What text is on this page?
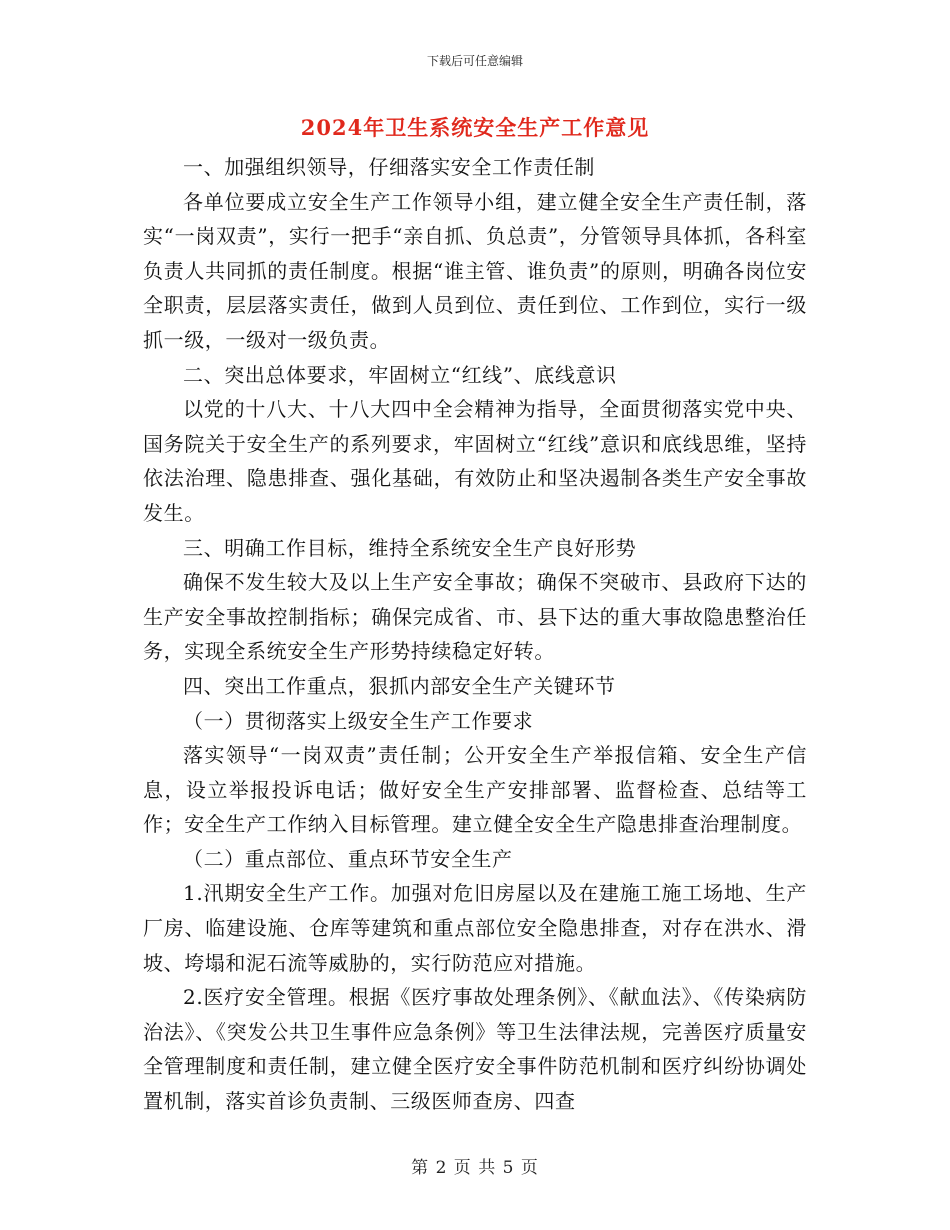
下载后可任意编辑
2024年卫生系统安全生产工作意见

一、加强组织领导，仔细落实安全工作责任制

各单位要成立安全生产工作领导小组，建立健全安全生产责任制，落实“一岗双责”，实行一把手“亲自抓、负总责”，分管领导具体抓，各科室负责人共同抓的责任制度。根据“谁主管、谁负责”的原则，明确各岗位安全职责，层层落实责任，做到人员到位、责任到位、工作到位，实行一级抓一级，一级对一级负责。

二、突出总体要求，牢固树立“红线”、底线意识

以党的十八大、十八大四中全会精神为指导，全面贯彻落实党中央、国务院关于安全生产的系列要求，牢固树立“红线”意识和底线思维，坚持依法治理、隐患排查、强化基础，有效防止和坚决遏制各类生产安全事故发生。

三、明确工作目标，维持全系统安全生产良好形势

确保不发生较大及以上生产安全事故；确保不突破市、县政府下达的生产安全事故控制指标；确保完成省、市、县下达的重大事故隐患整治任务，实现全系统安全生产形势持续稳定好转。

四、突出工作重点，狠抓内部安全生产关键环节

（一）贯彻落实上级安全生产工作要求

落实领导“一岗双责”责任制；公开安全生产举报信箱、安全生产信息，设立举报投诉电话；做好安全生产安排部署、监督检查、总结等工作；安全生产工作纳入目标管理。建立健全安全生产隐患排查治理制度。

（二）重点部位、重点环节安全生产

1.汛期安全生产工作。加强对危旧房屋以及在建施工施工场地、生产厂房、临建设施、仓库等建筑和重点部位安全隐患排查，对存在洪水、滑坡、垮塌和泥石流等威胁的，实行防范应对措施。

2.医疗安全管理。根据《医疗事故处理条例》、《献血法》、《传染病防治法》、《突发公共卫生事件应急条例》等卫生法律法规，完善医疗质量安全管理制度和责任制，建立健全医疗安全事件防范机制和医疗纠纷协调处置机制，落实首诊负责制、三级医师查房、四查

第 2 页 共 5 页
